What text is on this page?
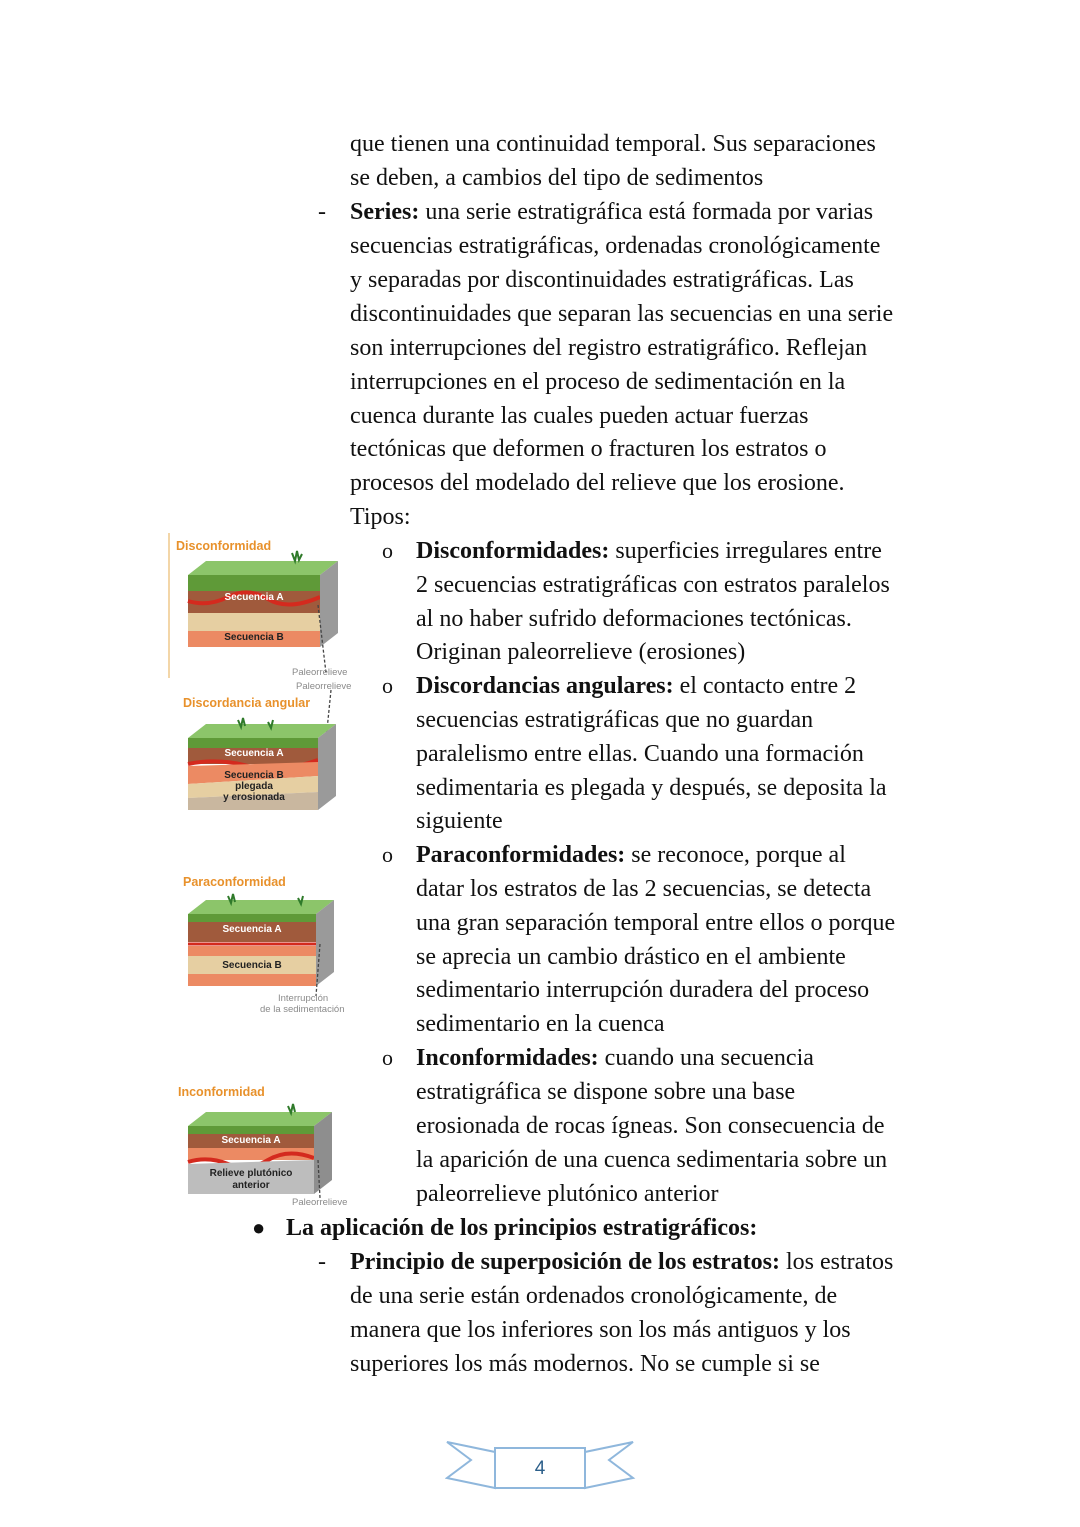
que tienen una continuidad temporal. Sus separaciones
se deben, a cambios del tipo de sedimentos
- Series: una serie estratigráfica está formada por varias
secuencias estratigráficas, ordenadas cronológicamente
y separadas por discontinuidades estratigráficas. Las
discontinuidades que separan las secuencias en una serie
son interrupciones del registro estratigráfico. Reflejan
interrupciones en el proceso de sedimentación en la
cuenca durante las cuales pueden actuar fuerzas
tectónicas que deformen o fracturen los estratos o
procesos del modelado del relieve que los erosione.
Tipos:
o Disconformidades: superficies irregulares entre
2 secuencias estratigráficas con estratos paralelos
al no haber sufrido deformaciones tectónicas.
Originan paleorrelieve (erosiones)
o Discordancias angulares: el contacto entre 2
secuencias estratigráficas que no guardan
paralelismo entre ellas. Cuando una formación
sedimentaria es plegada y después, se deposita la
siguiente
o Paraconformidades: se reconoce, porque al
datar los estratos de las 2 secuencias, se detecta
una gran separación temporal entre ellos o porque
se aprecia un cambio drástico en el ambiente
sedimentario interrupción duradera del proceso
sedimentario en la cuenca
o Inconformidades: cuando una secuencia
estratigráfica se dispone sobre una base
erosionada de rocas ígneas. Son consecuencia de
la aparición de una cuenca sedimentaria sobre un
paleorrelieve plutónico anterior
● La aplicación de los principios estratigráficos:
- Principio de superposición de los estratos: los estratos
de una serie están ordenados cronológicamente, de
manera que los inferiores son los más antiguos y los
superiores los más modernos. No se cumple si se
Disconformidad
Secuencia A
Secuencia B
Paleorrelieve
Paleorrelieve
Discordancia angular
Secuencia A
Secuencia B
plegada
y erosionada
Paraconformidad
Secuencia A
Secuencia B
Interrupción
de la sedimentación
Inconformidad
Secuencia A
Relieve plutónico
anterior
Paleorrelieve
4
